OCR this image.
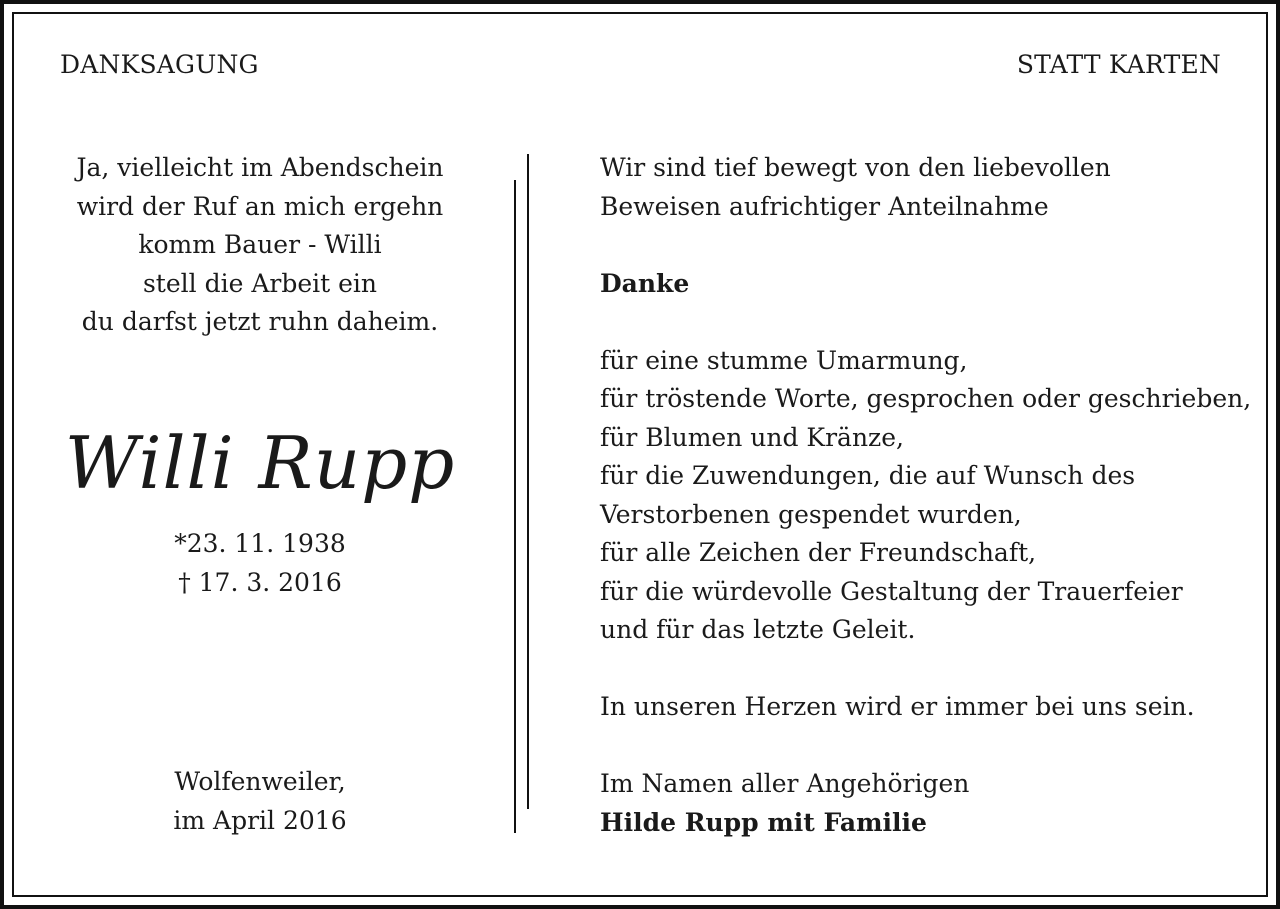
DANKSAGUNG	STATT KARTEN
Ja, vielleicht im Abendschein
wird der Ruf an mich ergehn
komm Bauer - Willi
stell die Arbeit ein
du darfst jetzt ruhn daheim.
Willi Rupp
*23. 11. 1938
† 17. 3. 2016
Wolfenweiler,
im April 2016
Wir sind tief bewegt von den liebevollen
Beweisen aufrichtiger Anteilnahme
Danke
für eine stumme Umarmung,
für tröstende Worte, gesprochen oder geschrieben,
für Blumen und Kränze,
für die Zuwendungen, die auf Wunsch des
Verstorbenen gespendet wurden,
für alle Zeichen der Freundschaft,
für die würdevolle Gestaltung der Trauerfeier
und für das letzte Geleit.
In unseren Herzen wird er immer bei uns sein.
Im Namen aller Angehörigen
Hilde Rupp mit Familie
